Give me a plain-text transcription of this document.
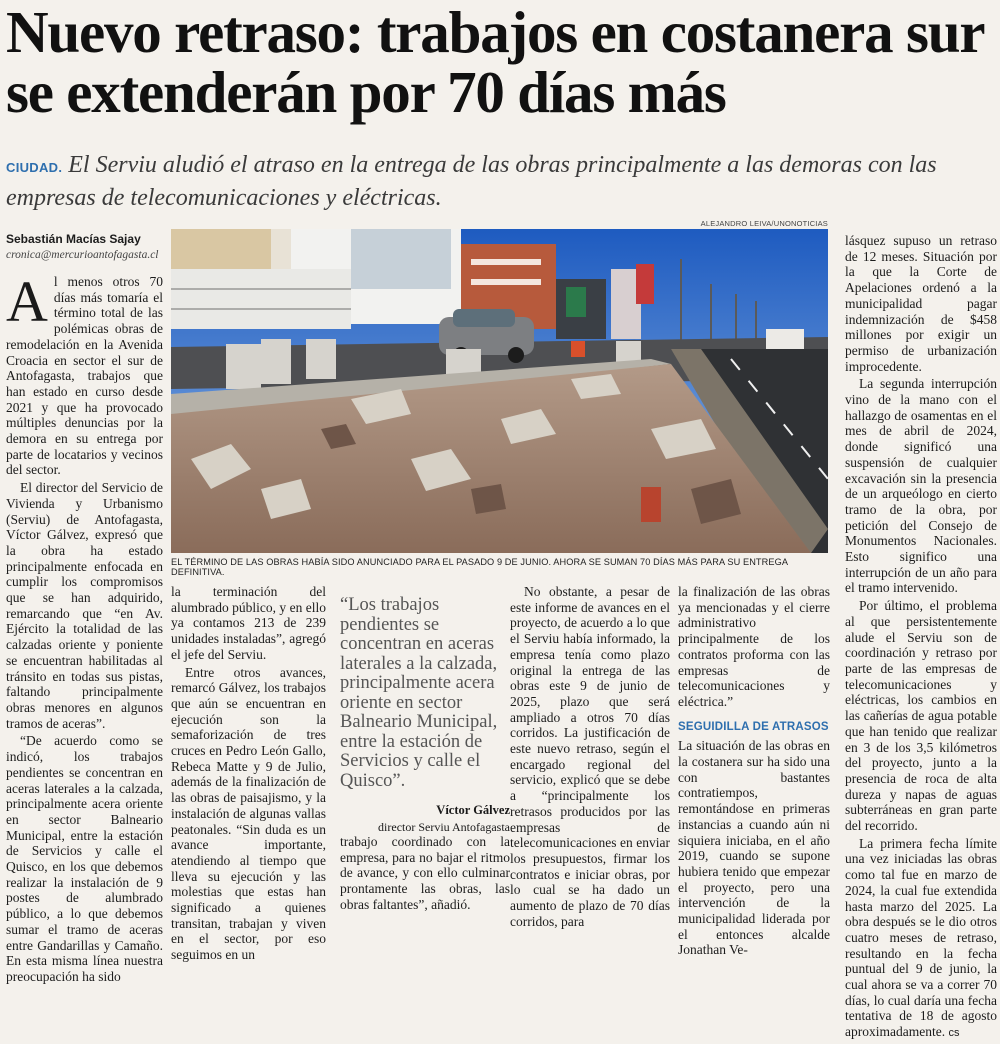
Nuevo retraso: trabajos en costanera sur se extenderán por 70 días más
CIUDAD. El Serviu aludió el atraso en la entrega de las obras principalmente a las demoras con las empresas de telecomunicaciones y eléctricas.
Sebastián Macías Sajay
cronica@mercurioantofagasta.cl

Al menos otros 70 días más tomaría el término total de las polémicas obras de remodelación en la Avenida Croacia en sector el sur de Antofagasta, trabajos que han estado en curso desde 2021 y que ha provocado múltiples denuncias por la demora en su entrega por parte de locatarios y vecinos del sector.

El director del Servicio de Vivienda y Urbanismo (Serviu) de Antofagasta, Víctor Gálvez, expresó que la obra ha estado principalmente enfocada en cumplir los compromisos que se han adquirido, remarcando que “en Av. Ejército la totalidad de las calzadas oriente y poniente se encuentran habilitadas al tránsito en todas sus pistas, faltando principalmente obras menores en algunos tramos de aceras”.

“De acuerdo como se indicó, los trabajos pendientes se concentran en aceras laterales a la calzada, principalmente acera oriente en sector Balneario Municipal, entre la estación de Servicios y calle el Quisco, en los que debemos realizar la instalación de 9 postes de alumbrado público, a lo que debemos sumar el tramo de aceras entre Gandarillas y Camaño. En esta misma línea nuestra preocupación ha sido

ALEJANDRO LEIVA/UNONOTICIAS
EL TÉRMINO DE LAS OBRAS HABÍA SIDO ANUNCIADO PARA EL PASADO 9 DE JUNIO. AHORA SE SUMAN 70 DÍAS MÁS PARA SU ENTREGA DEFINITIVA.

la terminación del alumbrado público, y en ello ya contamos 213 de 239 unidades instaladas”, agregó el jefe del Serviu.

Entre otros avances, remarcó Gálvez, los trabajos que aún se encuentran en ejecución son la semaforización de tres cruces en Pedro León Gallo, Rebeca Matte y 9 de Julio, además de la finalización de las obras de paisajismo, y la instalación de algunas vallas peatonales. “Sin duda es un avance importante, atendiendo al tiempo que lleva su ejecución y las molestias que estas han significado a quienes transitan, trabajan y viven en el sector, por eso seguimos en un

“Los trabajos pendientes se concentran en aceras laterales a la calzada, principalmente acera oriente en sector Balneario Municipal, entre la estación de Servicios y calle el Quisco”.
Víctor Gálvez
director Serviu Antofagasta

trabajo coordinado con la empresa, para no bajar el ritmo de avance, y con ello culminar prontamente las obras, las obras faltantes”, añadió.

No obstante, a pesar de este informe de avances en el proyecto, de acuerdo a lo que el Serviu había informado, la empresa tenía como plazo original la entrega de las obras este 9 de junio de 2025, plazo que será ampliado a otros 70 días corridos. La justificación de este nuevo retraso, según el encargado regional del servicio, explicó que se debe a “principalmente los retrasos producidos por las empresas de telecomunicaciones en enviar los presupuestos, firmar los contratos e iniciar obras, por lo cual se ha dado un aumento de plazo de 70 días corridos, para

la finalización de las obras ya mencionadas y el cierre administrativo principalmente de los contratos proforma con las empresas de telecomunicaciones y eléctrica.”

SEGUIDILLA DE ATRASOS

La situación de las obras en la costanera sur ha sido una con bastantes contratiempos, remontándose en primeras instancias a cuando aún ni siquiera iniciaba, en el año 2019, cuando se supone hubiera tenido que empezar el proyecto, pero una intervención de la municipalidad liderada por el entonces alcalde Jonathan Ve-

lásquez supuso un retraso de 12 meses. Situación por la que la Corte de Apelaciones ordenó a la municipalidad pagar indemnización de $458 millones por exigir un permiso de urbanización improcedente.

La segunda interrupción vino de la mano con el hallazgo de osamentas en el mes de abril de 2024, donde significó una suspensión de cualquier excavación sin la presencia de un arqueólogo en cierto tramo de la obra, por petición del Consejo de Monumentos Nacionales. Esto significo una interrupción de un año para el tramo intervenido.

Por último, el problema al que persistentemente alude el Serviu son de coordinación y retraso por parte de las empresas de telecomunicaciones y eléctricas, los cambios en las cañerías de agua potable que han tenido que realizar en 3 de los 3,5 kilómetros del proyecto, junto a la presencia de roca de alta dureza y napas de aguas subterráneas en gran parte del recorrido.

La primera fecha límite una vez iniciadas las obras como tal fue en marzo de 2024, la cual fue extendida hasta marzo del 2025. La obra después se le dio otros cuatro meses de retraso, resultando en la fecha puntual del 9 de junio, la cual ahora se va a correr 70 días, lo cual daría una fecha tentativa de 18 de agosto aproximadamente. cs
